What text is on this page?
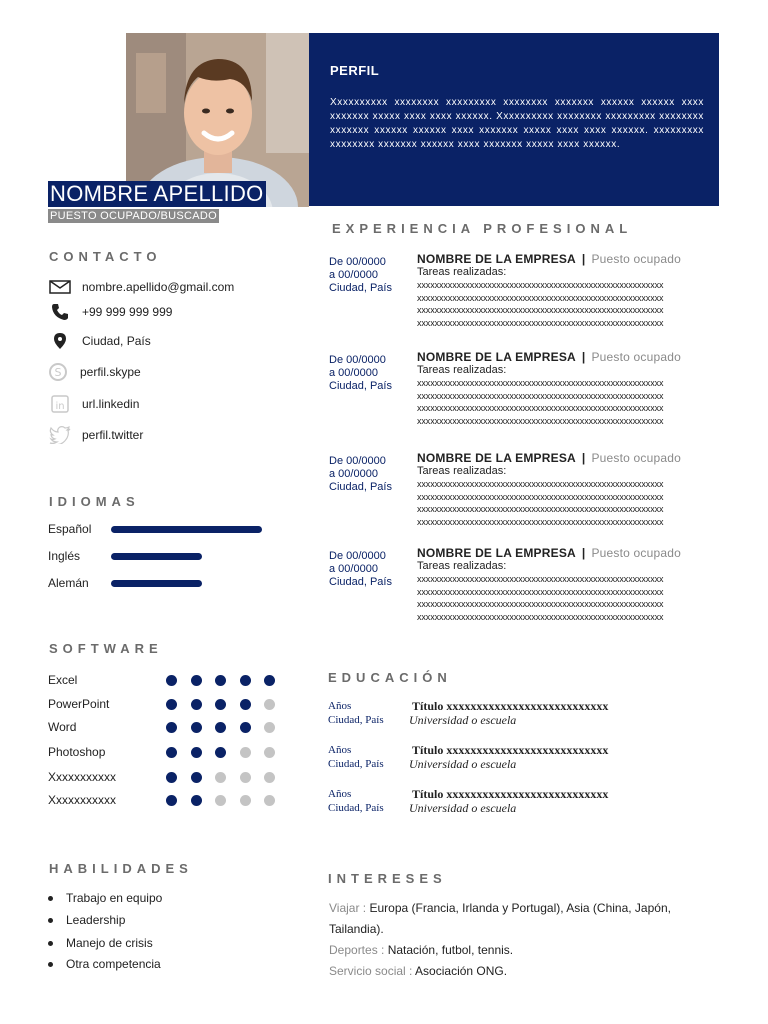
PERFIL
Xxxxxxxxxx xxxxxxxx xxxxxxxxx xxxxxxxx xxxxxxx xxxxxx xxxxxx xxxx xxxxxxx xxxxx xxxx xxxx xxxxxx. Xxxxxxxxxx xxxxxxxx xxxxxxxxx xxxxxxxx xxxxxxx xxxxxx xxxxxx xxxx xxxxxxx xxxxx xxxx xxxx xxxxxx. xxxxxxxxx xxxxxxxx xxxxxxx xxxxxx xxxx xxxxxxx xxxxx xxxx xxxxxx.
NOMBRE APELLIDO
PUESTO OCUPADO/BUSCADO
CONTACTO
nombre.apellido@gmail.com
+99 999 999 999
Ciudad, País
S perfil.skype
in url.linkedin
perfil.twitter
IDIOMAS
SOFTWARE
HABILIDADES
EXPERIENCIA PROFESIONAL
EDUCACIÓN
INTERESES
Español
Inglés
Alemán
Excel
PowerPoint
Word
Photoshop
Xxxxxxxxxxx
Xxxxxxxxxxx
Trabajo en equipo
Leadership
Manejo de crisis
Otra competencia
De 00/0000
a 00/0000
Ciudad, País
NOMBRE DE LA EMPRESA | Puesto ocupado
Tareas realizadas:
xxxxxxxxxxxxxxxxxxxxxxxxxxxxxxxxxxxxxxxxxxxxxxxxxxxxxxxx
xxxxxxxxxxxxxxxxxxxxxxxxxxxxxxxxxxxxxxxxxxxxxxxxxxxxxxxx
xxxxxxxxxxxxxxxxxxxxxxxxxxxxxxxxxxxxxxxxxxxxxxxxxxxxxxxx
xxxxxxxxxxxxxxxxxxxxxxxxxxxxxxxxxxxxxxxxxxxxxxxxxxxxxxxx
De 00/0000
a 00/0000
Ciudad, País
NOMBRE DE LA EMPRESA | Puesto ocupado
Tareas realizadas:
xxxxxxxxxxxxxxxxxxxxxxxxxxxxxxxxxxxxxxxxxxxxxxxxxxxxxxxx
xxxxxxxxxxxxxxxxxxxxxxxxxxxxxxxxxxxxxxxxxxxxxxxxxxxxxxxx
xxxxxxxxxxxxxxxxxxxxxxxxxxxxxxxxxxxxxxxxxxxxxxxxxxxxxxxx
xxxxxxxxxxxxxxxxxxxxxxxxxxxxxxxxxxxxxxxxxxxxxxxxxxxxxxxx
De 00/0000
a 00/0000
Ciudad, País
NOMBRE DE LA EMPRESA | Puesto ocupado
Tareas realizadas:
xxxxxxxxxxxxxxxxxxxxxxxxxxxxxxxxxxxxxxxxxxxxxxxxxxxxxxxx
xxxxxxxxxxxxxxxxxxxxxxxxxxxxxxxxxxxxxxxxxxxxxxxxxxxxxxxx
xxxxxxxxxxxxxxxxxxxxxxxxxxxxxxxxxxxxxxxxxxxxxxxxxxxxxxxx
xxxxxxxxxxxxxxxxxxxxxxxxxxxxxxxxxxxxxxxxxxxxxxxxxxxxxxxx
De 00/0000
a 00/0000
Ciudad, País
NOMBRE DE LA EMPRESA | Puesto ocupado
Tareas realizadas:
xxxxxxxxxxxxxxxxxxxxxxxxxxxxxxxxxxxxxxxxxxxxxxxxxxxxxxxx
xxxxxxxxxxxxxxxxxxxxxxxxxxxxxxxxxxxxxxxxxxxxxxxxxxxxxxxx
xxxxxxxxxxxxxxxxxxxxxxxxxxxxxxxxxxxxxxxxxxxxxxxxxxxxxxxx
xxxxxxxxxxxxxxxxxxxxxxxxxxxxxxxxxxxxxxxxxxxxxxxxxxxxxxxx
Años
Ciudad, País
Título xxxxxxxxxxxxxxxxxxxxxxxxxxx
Universidad o escuela
Años
Ciudad, País
Título xxxxxxxxxxxxxxxxxxxxxxxxxxx
Universidad o escuela
Años
Ciudad, País
Título xxxxxxxxxxxxxxxxxxxxxxxxxxx
Universidad o escuela
Viajar : Europa (Francia, Irlanda y Portugal), Asia (China, Japón, Tailandia).
Deportes : Natación, futbol, tennis.
Servicio social : Asociación ONG.
